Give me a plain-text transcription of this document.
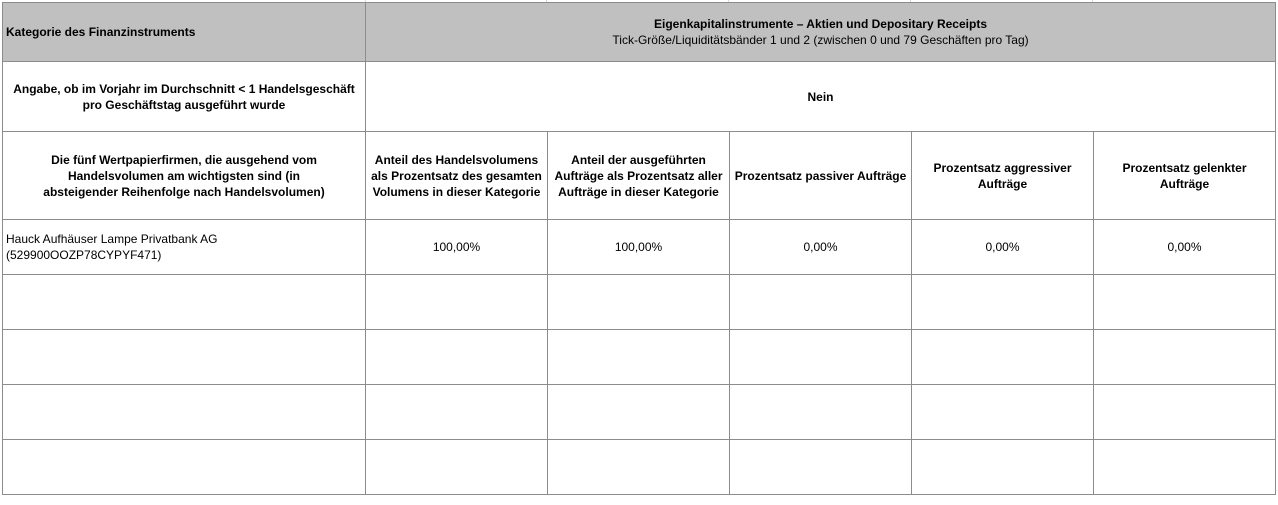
Kategorie des Finanzinstruments	Eigenkapitalinstrumente – Aktien und Depositary Receipts
Tick-Größe/Liquiditätsbänder 1 und 2 (zwischen 0 und 79 Geschäften pro Tag)				

Angabe, ob im Vorjahr im Durchschnitt < 1 Handelsgeschäft pro Geschäftstag ausgeführt wurde	Nein				
Die fünf Wertpapierfirmen, die ausgehend vom Handelsvolumen am wichtigsten sind (in absteigender Reihenfolge nach Handelsvolumen)	Anteil des Handelsvolumens als Prozentsatz des gesamten Volumens in dieser Kategorie	Anteil der ausgeführten Aufträge als Prozentsatz aller Aufträge in dieser Kategorie	Prozentsatz passiver Aufträge	Prozentsatz aggressiver Aufträge	Prozentsatz gelenkter Aufträge

Hauck Aufhäuser Lampe Privatbank AG
(529900OOZP78CYPYF471)	100,00%	100,00%	0,00%	0,00%	0,00%
